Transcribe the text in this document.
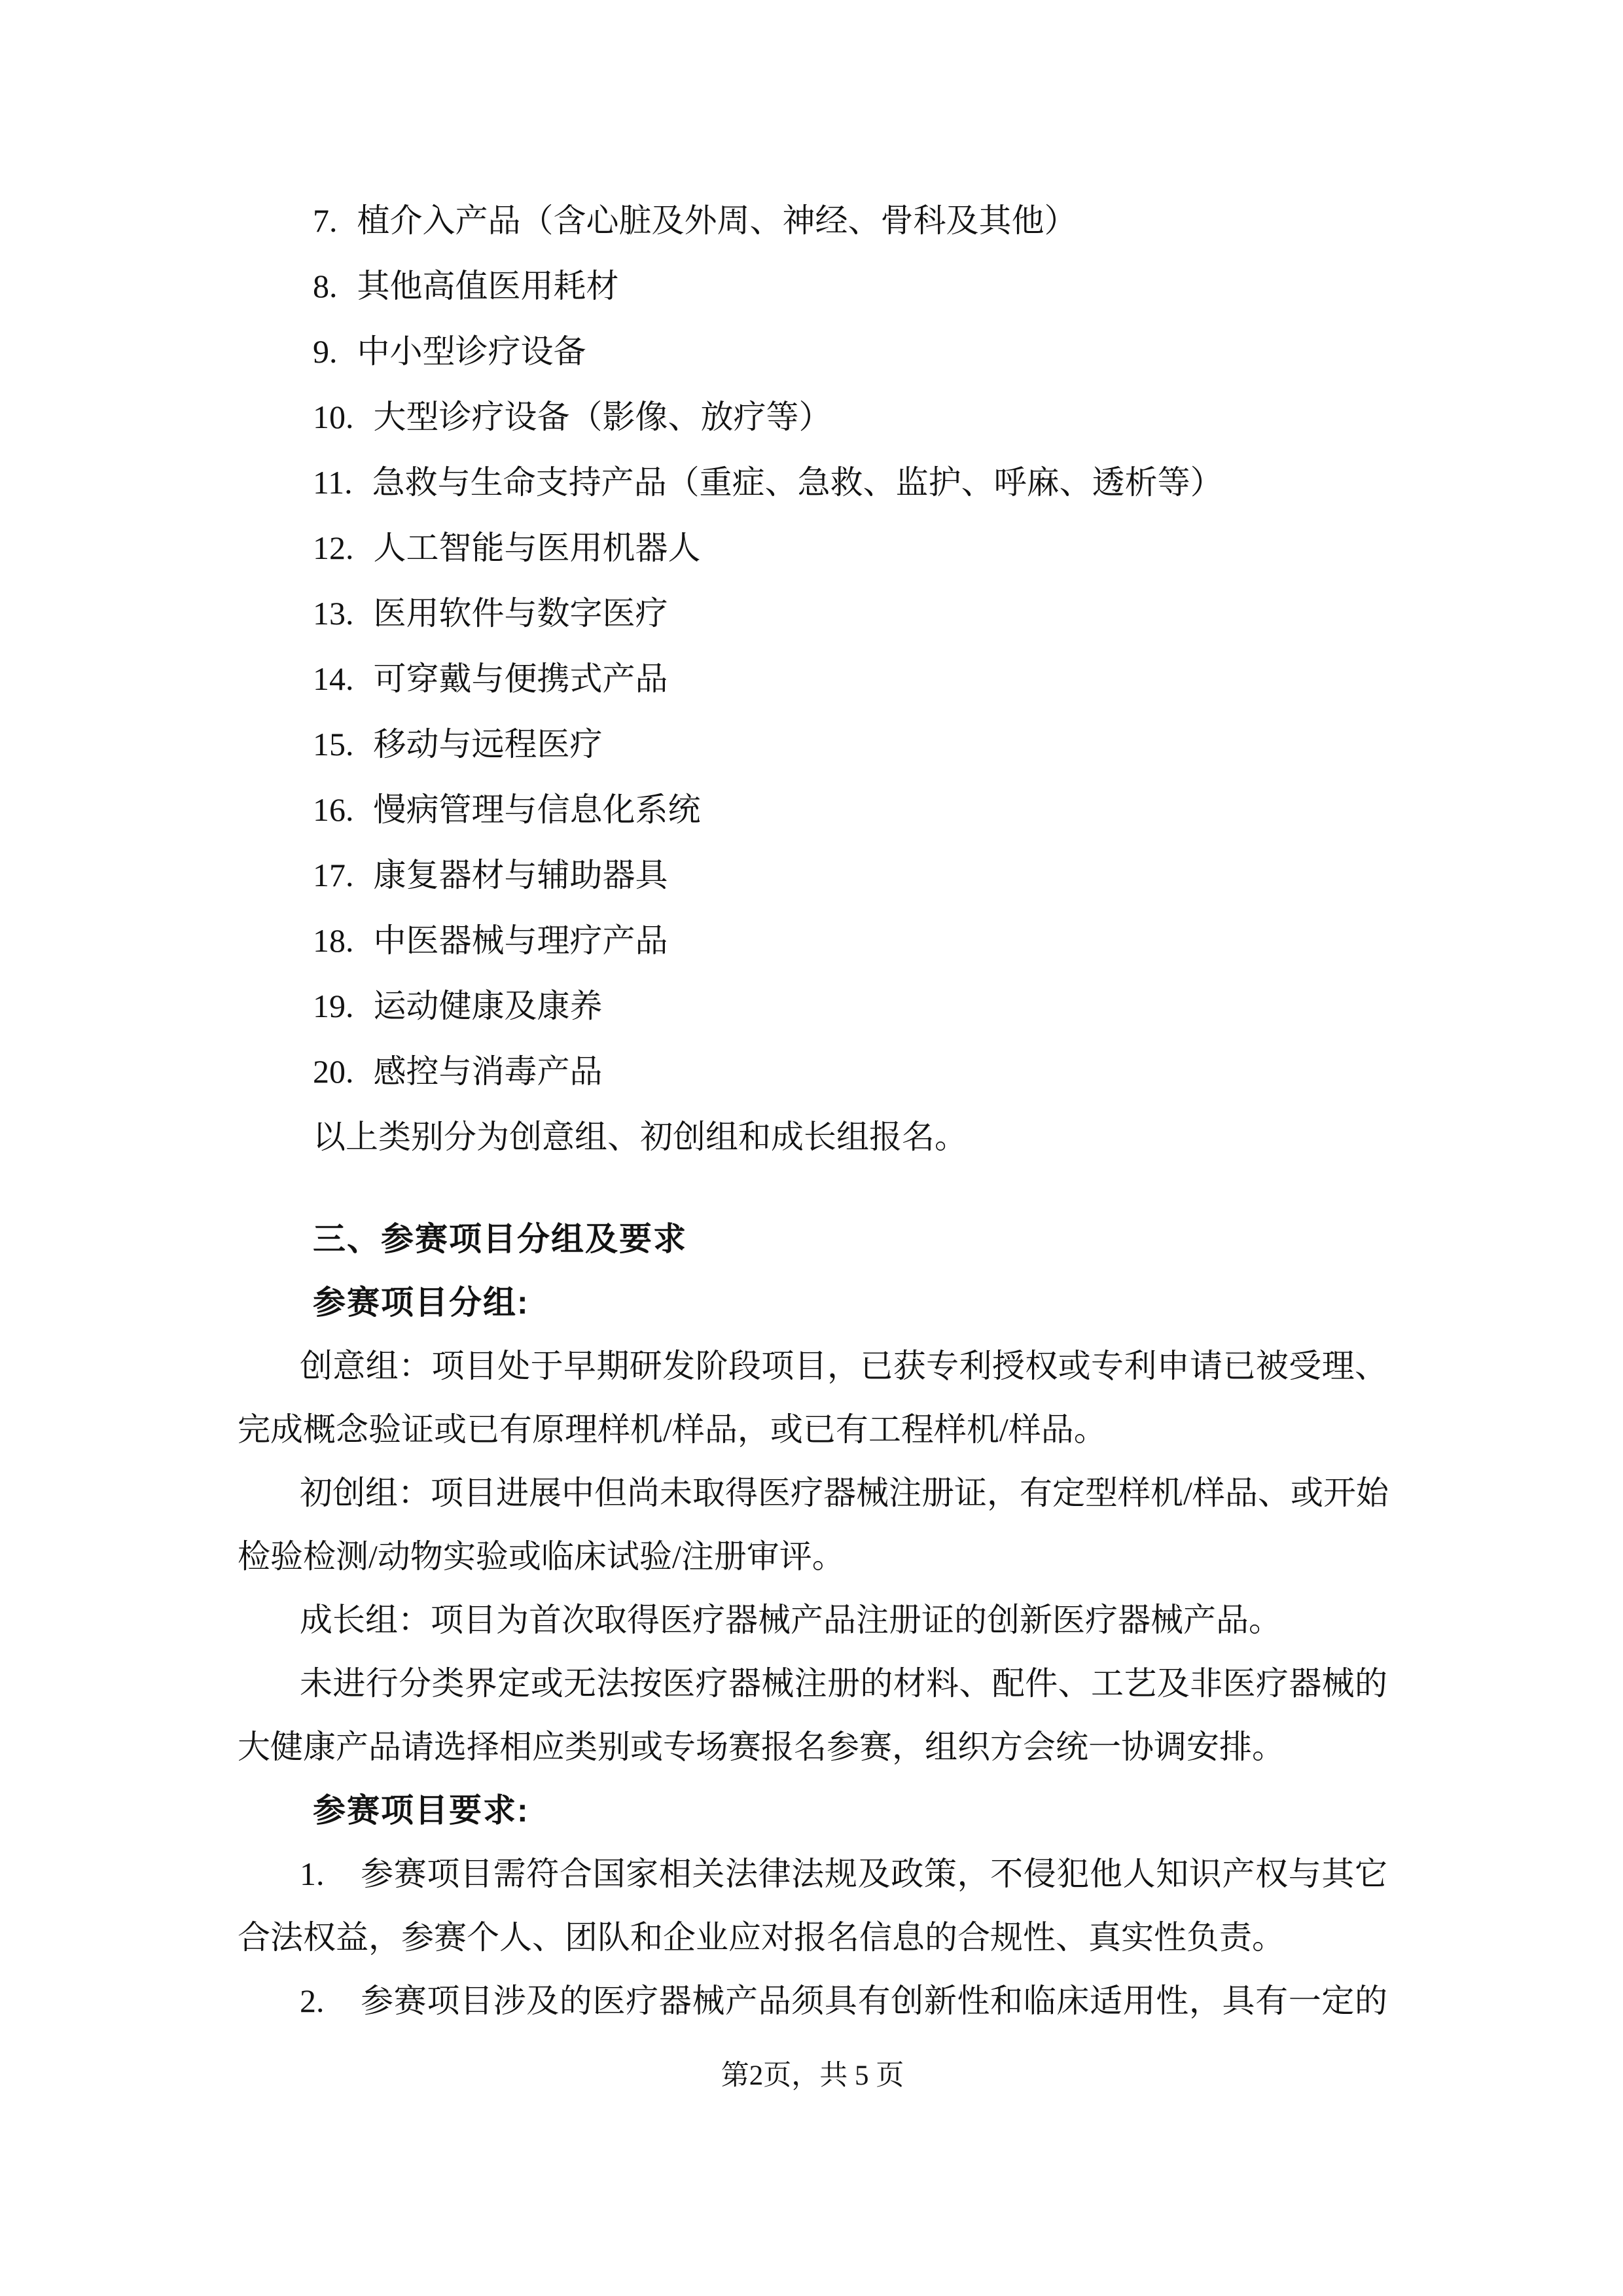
7. 植介入产品（含心脏及外周、神经、骨科及其他）
8. 其他高值医用耗材
9. 中小型诊疗设备
10. 大型诊疗设备（影像、放疗等）
11. 急救与生命支持产品（重症、急救、监护、呼麻、透析等）
12. 人工智能与医用机器人
13. 医用软件与数字医疗
14. 可穿戴与便携式产品
15. 移动与远程医疗
16. 慢病管理与信息化系统
17. 康复器材与辅助器具
18. 中医器械与理疗产品
19. 运动健康及康养
20. 感控与消毒产品
以上类别分为创意组、初创组和成长组报名。
三、参赛项目分组及要求
参赛项目分组:
创意组：项目处于早期研发阶段项目，已获专利授权或专利申请已被受理、
完成概念验证或已有原理样机/样品，或已有工程样机/样品。
初创组：项目进展中但尚未取得医疗器械注册证，有定型样机/样品、或开始
检验检测/动物实验或临床试验/注册审评。
成长组：项目为首次取得医疗器械产品注册证的创新医疗器械产品。
未进行分类界定或无法按医疗器械注册的材料、配件、工艺及非医疗器械的
大健康产品请选择相应类别或专场赛报名参赛，组织方会统一协调安排。
参赛项目要求:
1. 参赛项目需符合国家相关法律法规及政策，不侵犯他人知识产权与其它
合法权益，参赛个人、团队和企业应对报名信息的合规性、真实性负责。
2. 参赛项目涉及的医疗器械产品须具有创新性和临床适用性，具有一定的
第2页，共 5 页
